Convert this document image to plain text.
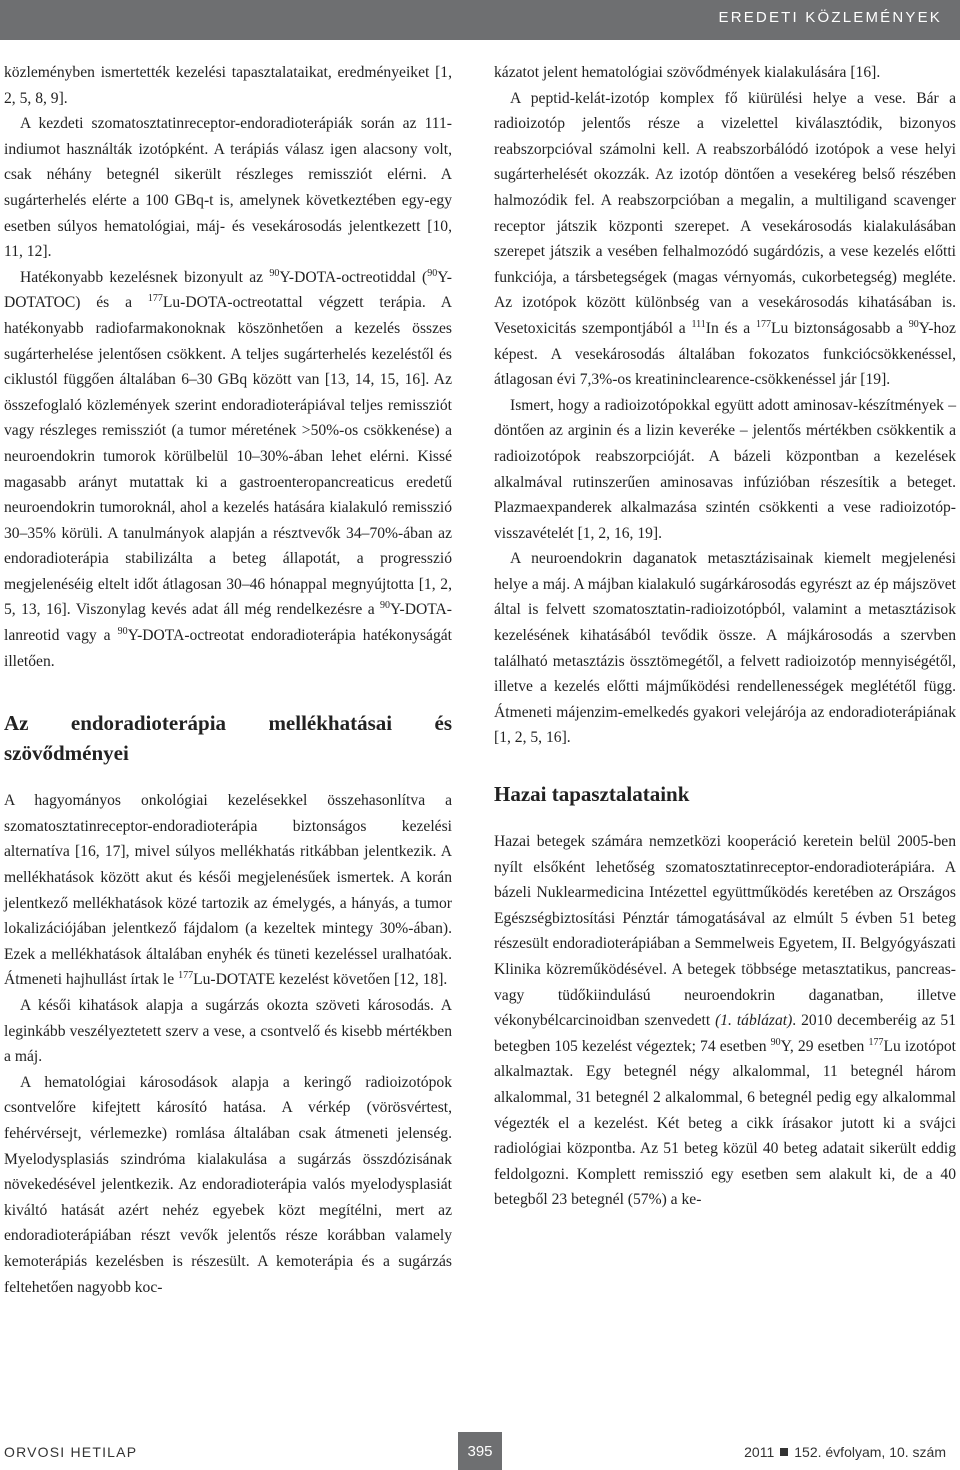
EREDETI KÖZLEMÉNYEK

közleményben ismertették kezelési tapasztalataikat, eredményeiket [1, 2, 5, 8, 9].

A kezdeti szomatosztatinreceptor-endoradioterápiák során az 111-indiumot használták izotópként. A terápiás válasz igen alacsony volt, csak néhány betegnél sikerült részleges remissziót elérni. A sugárterhelés elérte a 100 GBq-t is, amelynek következtében egy-egy esetben súlyos hematológiai, máj- és vesekárosodás jelentkezett [10, 11, 12].

Hatékonyabb kezelésnek bizonyult az $^{90}$Y-DOTA-octreotiddal ($^{90}$Y-DOTATOC) és a $^{177}$Lu-DOTA-octreotattal végzett terápia. A hatékonyabb radiofarmakonoknak köszönhetően a kezelés összes sugárterhelése jelentősen csökkent. A teljes sugárterhelés kezeléstől és ciklustól függően általában 6–30 GBq között van [13, 14, 15, 16]. Az összefoglaló közlemények szerint endoradioterápiával teljes remissziót vagy részleges remissziót (a tumor méretének >50%-os csökkenése) a neuroendokrin tumorok körülbelül 10–30%-ában lehet elérni. Kissé magasabb arányt mutattak ki a gastroenteropancreaticus eredetű neuroendokrin tumoroknál, ahol a kezelés hatására kialakuló remisszió 30–35% körüli. A tanulmányok alapján a résztvevők 34–70%-ában az endoradioterápia stabilizálta a beteg állapotát, a progresszió megjelenéséig eltelt időt átlagosan 30–46 hónappal megnyújtotta [1, 2, 5, 13, 16]. Viszonylag kevés adat áll még rendelkezésre a $^{90}$Y-DOTA-lanreotid vagy a $^{90}$Y-DOTA-octreotat endoradioterápia hatékonyságát illetően.

Az endoradioterápia mellékhatásai és szövődményei

A hagyományos onkológiai kezelésekkel összehasonlítva a szomatosztatinreceptor-endoradioterápia biztonságos kezelési alternatíva [16, 17], mivel súlyos mellékhatás ritkábban jelentkezik. A mellékhatások között akut és késői megjelenésűek ismertek. A korán jelentkező mellékhatások közé tartozik az émelygés, a hányás, a tumor lokalizációjában jelentkező fájdalom (a kezeltek mintegy 30%-ában). Ezek a mellékhatások általában enyhék és tüneti kezeléssel uralhatóak. Átmeneti hajhullást írtak le $^{177}$Lu-DOTATE kezelést követően [12, 18].

A késői kihatások alapja a sugárzás okozta szöveti károsodás. A leginkább veszélyeztetett szerv a vese, a csontvelő és kisebb mértékben a máj.

A hematológiai károsodások alapja a keringő radioizotópok csontvelőre kifejtett károsító hatása. A vérkép (vörösvértest, fehérvérsejt, vérlemezke) romlása általában csak átmeneti jelenség. Myelodysplasiás szindróma kialakulása a sugárzás összdózisának növekedésével jelentkezik. Az endoradioterápia valós myelodysplasiát kiváltó hatását azért nehéz egyebek közt megítélni, mert az endoradioterápiában részt vevők jelentős része korábban valamely kemoterápiás kezelésben is részesült. A kemoterápia és a sugárzás feltehetően nagyobb koc-

kázatot jelent hematológiai szövődmények kialakulására [16].

A peptid-kelát-izotóp komplex fő kiürülési helye a vese. Bár a radioizotóp jelentős része a vizelettel kiválasztódik, bizonyos reabszorpcióval számolni kell. A reabszorbálódó izotópok a vese helyi sugárterhelését okozzák. Az izotóp döntően a vesekéreg belső részében halmozódik fel. A reabszorpcióban a megalin, a multiligand scavenger receptor játszik központi szerepet. A vesekárosodás kialakulásában szerepet játszik a vesében felhalmozódó sugárdózis, a vese kezelés előtti funkciója, a társbetegségek (magas vérnyomás, cukorbetegség) megléte. Az izotópok között különbség van a vesekárosodás kihatásában is. Vesetoxicitás szempontjából a $^{111}$In és a $^{177}$Lu biztonságosabb a $^{90}$Y-hoz képest. A vesekárosodás általában fokozatos funkciócsökkenéssel, átlagosan évi 7,3%-os kreatininclearence-csökkenéssel jár [19].

Ismert, hogy a radioizotópokkal együtt adott aminosav-készítmények – döntően az arginin és a lizin keveréke – jelentős mértékben csökkentik a radioizotópok reabszorpcióját. A bázeli központban a kezelések alkalmával rutinszerűen aminosavas infúzióban részesítik a beteget. Plazmaexpanderek alkalmazása szintén csökkenti a vese radioizotóp-visszavételét [1, 2, 16, 19].

A neuroendokrin daganatok metasztázisainak kiemelt megjelenési helye a máj. A májban kialakuló sugárkárosodás egyrészt az ép májszövet által is felvett szomatosztatin-radioizotópból, valamint a metasztázisok kezelésének kihatásából tevődik össze. A májkárosodás a szervben található metasztázis össztömegétől, a felvett radioizotóp mennyiségétől, illetve a kezelés előtti májműködési rendellenességek meglététől függ. Átmeneti májenzim-emelkedés gyakori velejárója az endoradioterápiának [1, 2, 5, 16].

Hazai tapasztalataink

Hazai betegek számára nemzetközi kooperáció keretein belül 2005-ben nyílt elsőként lehetőség szomatosztatinreceptor-endoradioterápiára. A bázeli Nuklearmedicina Intézettel együttműködés keretében az Országos Egészségbiztosítási Pénztár támogatásával az elmúlt 5 évben 51 beteg részesült endoradioterápiában a Semmelweis Egyetem, II. Belgyógyászati Klinika közreműködésével. A betegek többsége metasztatikus, pancreas- vagy tüdőkiindulású neuroendokrin daganatban, illetve vékonybélcarcinoidban szenvedett (1. táblázat). 2010 decemberéig az 51 betegben 105 kezelést végeztek; 74 esetben $^{90}$Y, 29 esetben $^{177}$Lu izotópot alkalmaztak. Egy betegnél négy alkalommal, 11 betegnél három alkalommal, 31 betegnél 2 alkalommal, 6 betegnél pedig egy alkalommal végezték el a kezelést. Két beteg a cikk írásakor jutott ki a svájci radiológiai központba. Az 51 beteg közül 40 beteg adatait sikerült eddig feldolgozni. Komplett remisszió egy esetben sem alakult ki, de a 40 betegből 23 betegnél (57%) a ke-

ORVOSI HETILAP	395	2011 152. évfolyam, 10. szám
